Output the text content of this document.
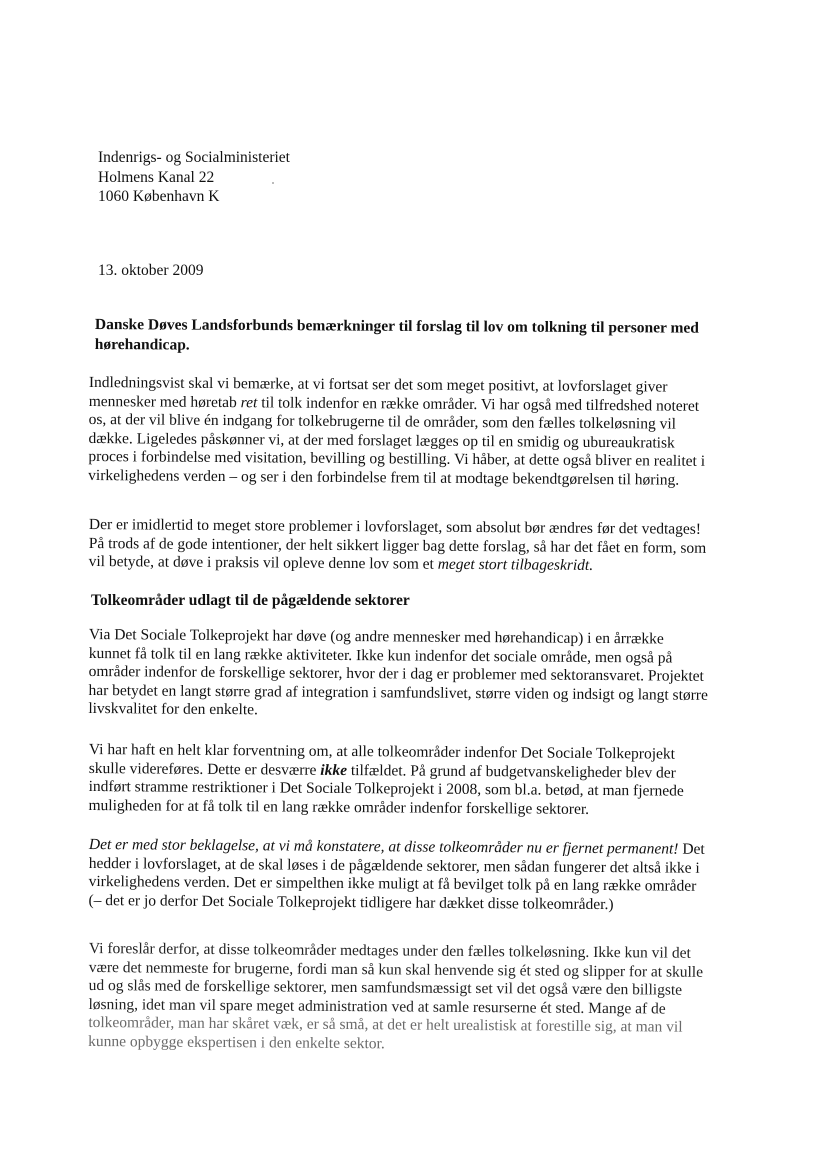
Indenrigs- og Socialministeriet
Holmens Kanal 22
1060 København K
13. oktober 2009
Danske Døves Landsforbunds bemærkninger til forslag til lov om tolkning til personer med
hørehandicap.
Indledningsvist skal vi bemærke, at vi fortsat ser det som meget positivt, at lovforslaget giver
mennesker med høretab ret til tolk indenfor en række områder. Vi har også med tilfredshed noteret
os, at der vil blive én indgang for tolkebrugerne til de områder, som den fælles tolkeløsning vil
dække. Ligeledes påskønner vi, at der med forslaget lægges op til en smidig og ubureaukratisk
proces i forbindelse med visitation, bevilling og bestilling. Vi håber, at dette også bliver en realitet i
virkelighedens verden – og ser i den forbindelse frem til at modtage bekendtgørelsen til høring.
Der er imidlertid to meget store problemer i lovforslaget, som absolut bør ændres før det vedtages!
På trods af de gode intentioner, der helt sikkert ligger bag dette forslag, så har det fået en form, som
vil betyde, at døve i praksis vil opleve denne lov som et meget stort tilbageskridt.
Tolkeområder udlagt til de pågældende sektorer
Via Det Sociale Tolkeprojekt har døve (og andre mennesker med hørehandicap) i en årrække
kunnet få tolk til en lang række aktiviteter. Ikke kun indenfor det sociale område, men også på
områder indenfor de forskellige sektorer, hvor der i dag er problemer med sektoransvaret. Projektet
har betydet en langt større grad af integration i samfundslivet, større viden og indsigt og langt større
livskvalitet for den enkelte.
Vi har haft en helt klar forventning om, at alle tolkeområder indenfor Det Sociale Tolkeprojekt
skulle videreføres. Dette er desværre ikke tilfældet. På grund af budgetvanskeligheder blev der
indført stramme restriktioner i Det Sociale Tolkeprojekt i 2008, som bl.a. betød, at man fjernede
muligheden for at få tolk til en lang række områder indenfor forskellige sektorer.
Det er med stor beklagelse, at vi må konstatere, at disse tolkeområder nu er fjernet permanent! Det
hedder i lovforslaget, at de skal løses i de pågældende sektorer, men sådan fungerer det altså ikke i
virkelighedens verden. Det er simpelthen ikke muligt at få bevilget tolk på en lang række områder
(– det er jo derfor Det Sociale Tolkeprojekt tidligere har dækket disse tolkeområder.)
Vi foreslår derfor, at disse tolkeområder medtages under den fælles tolkeløsning. Ikke kun vil det
være det nemmeste for brugerne, fordi man så kun skal henvende sig ét sted og slipper for at skulle
ud og slås med de forskellige sektorer, men samfundsmæssigt set vil det også være den billigste
løsning, idet man vil spare meget administration ved at samle resurserne ét sted. Mange af de
tolkeområder, man har skåret væk, er så små, at det er helt urealistisk at forestille sig, at man vil
kunne opbygge ekspertisen i den enkelte sektor.
